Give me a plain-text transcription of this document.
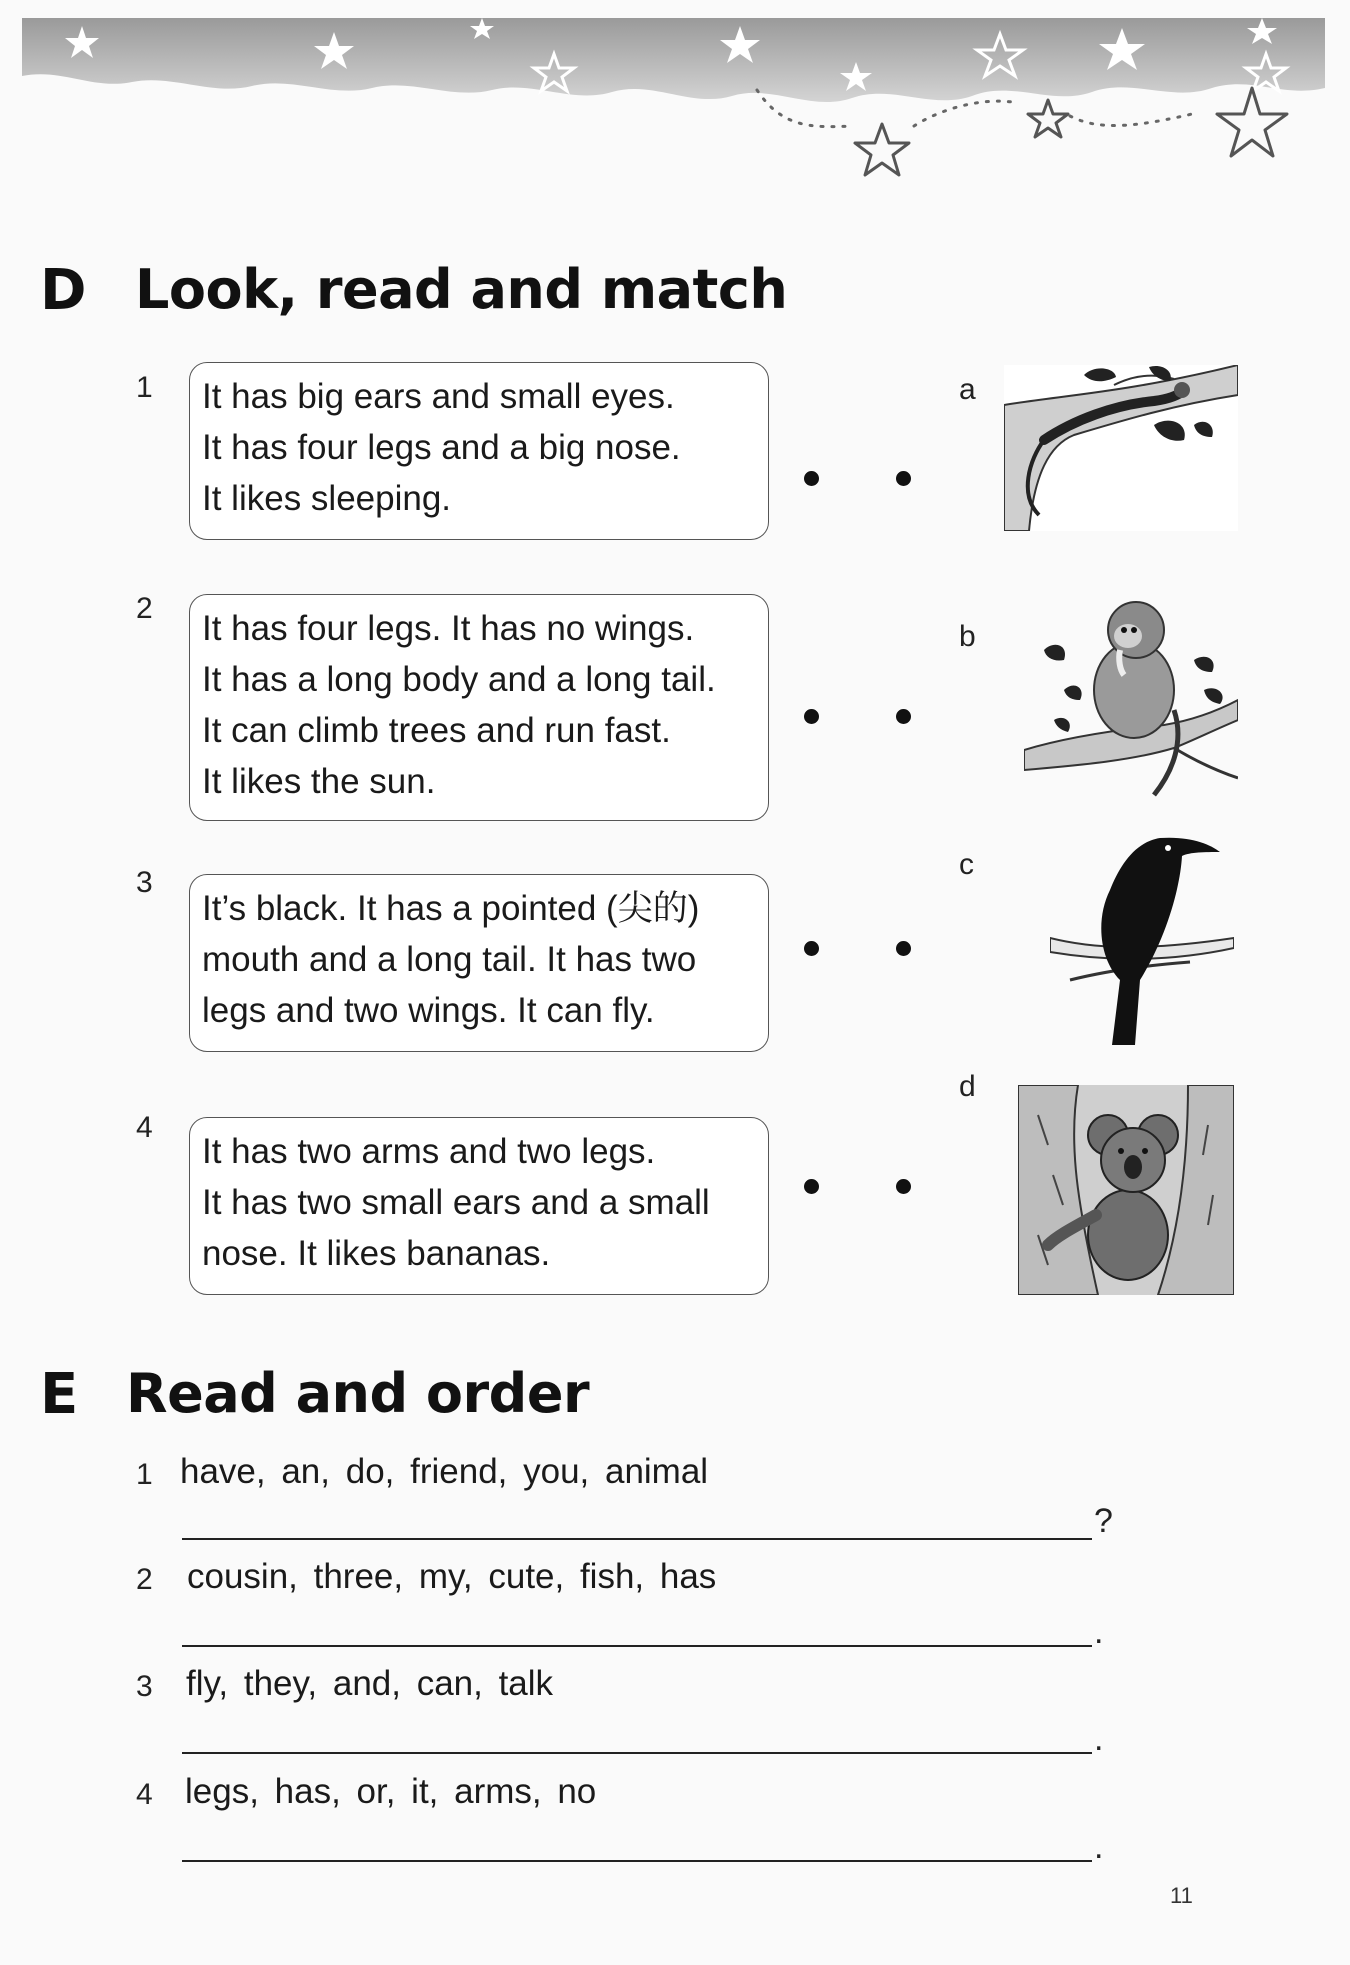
D Look, read and match
1 It has big ears and small eyes.
It has four legs and a big nose.
It likes sleeping.
2
It has four legs. It has no wings.
It has a long body and a long tail.
It can climb trees and run fast.
It likes the sun.
3
It’s black. It has a pointed (尖的)
mouth and a long tail. It has two
legs and two wings. It can fly.
4
It has two arms and two legs.
It has two small ears and a small
nose. It likes bananas.
a
b
c
d
E Read and order
1 have, an, do, friend, you, animal
?
2 cousin, three, my, cute, fish, has
.
3 fly, they, and, can, talk
.
4 legs, has, or, it, arms, no
.
11
